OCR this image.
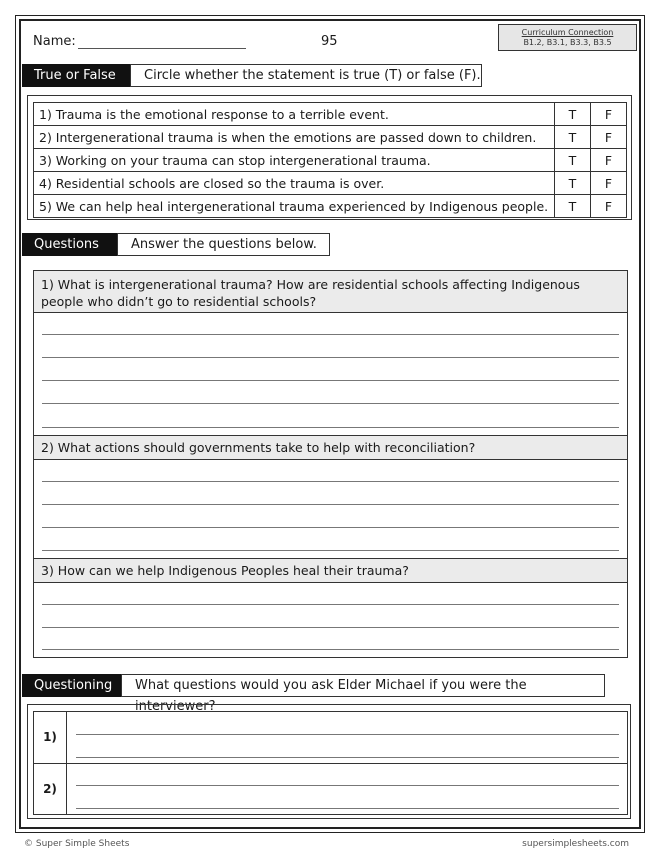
Name:	95
Curriculum Connection
B1.2, B3.1, B3.3, B3.5
True or False	Circle whether the statement is true (T) or false (F).
1) Trauma is the emotional response to a terrible event.	T	F
2) Intergenerational trauma is when the emotions are passed down to children.	T	F
3) Working on your trauma can stop intergenerational trauma.	T	F
4) Residential schools are closed so the trauma is over.	T	F
5) We can help heal intergenerational trauma experienced by Indigenous people.	T	F
Questions	Answer the questions below.
1) What is intergenerational trauma? How are residential schools affecting Indigenous people who didn’t go to residential schools?
2) What actions should governments take to help with reconciliation?
3) How can we help Indigenous Peoples heal their trauma?
Questioning	What questions would you ask Elder Michael if you were the interviewer?
1)
2)
© Super Simple Sheets	supersimplesheets.com
